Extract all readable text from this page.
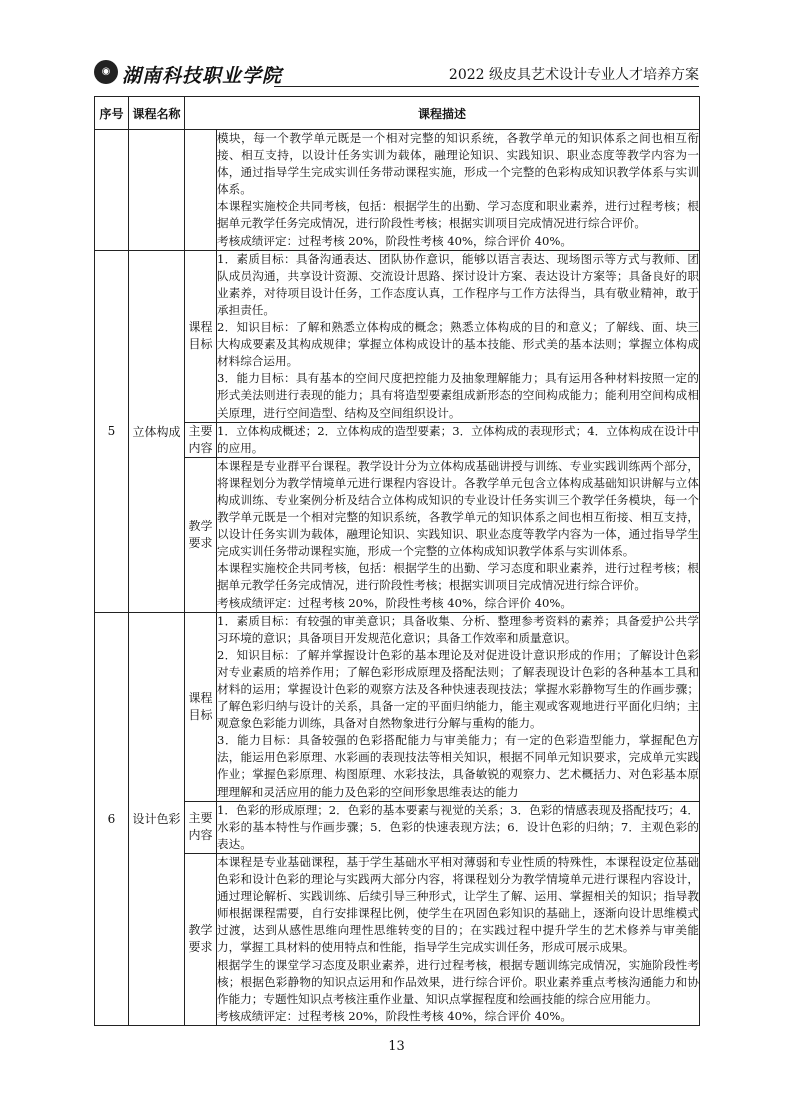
◉ 湖南科技职业学院	2022 级皮具艺术设计专业人才培养方案
序号	课程名称	课程描述	

			模块，每一个教学单元既是一个相对完整的知识系统，各教学单元的知识体系之间也相互衔接、相互支持，以设计任务实训为载体，融理论知识、实践知识、职业态度等教学内容为一体，通过指导学生完成实训任务带动课程实施，形成一个完整的色彩构成知识教学体系与实训体系。

本课程实施校企共同考核，包括：根据学生的出勤、学习态度和职业素养，进行过程考核；根据单元教学任务完成情况，进行阶段性考核；根据实训项目完成情况进行综合评价。

考核成绩评定：过程考核 20%，阶段性考核 40%，综合评价 40%。

5	立体构成	课程目标	1．素质目标：具备沟通表达、团队协作意识，能够以语言表达、现场图示等方式与教师、团队成员沟通，共享设计资源、交流设计思路、探讨设计方案、表达设计方案等；具备良好的职业素养，对待项目设计任务，工作态度认真，工作程序与工作方法得当，具有敬业精神，敢于承担责任。

2．知识目标：了解和熟悉立体构成的概念；熟悉立体构成的目的和意义；了解线、面、块三大构成要素及其构成规律；掌握立体构成设计的基本技能、形式美的基本法则；掌握立体构成材料综合运用。

3．能力目标：具有基本的空间尺度把控能力及抽象理解能力；具有运用各种材料按照一定的形式美法则进行表现的能力；具有将造型要素组成新形态的空间构成能力；能利用空间构成相关原理，进行空间造型、结构及空间组织设计。

		主要内容	1．立体构成概述；2．立体构成的造型要素；3．立体构成的表现形式；4．立体构成在设计中的应用。

		教学要求	本课程是专业群平台课程。教学设计分为立体构成基础讲授与训练、专业实践训练两个部分，将课程划分为教学情境单元进行课程内容设计。各教学单元包含立体构成基础知识讲解与立体构成训练、专业案例分析及结合立体构成知识的专业设计任务实训三个教学任务模块，每一个教学单元既是一个相对完整的知识系统，各教学单元的知识体系之间也相互衔接、相互支持，以设计任务实训为载体，融理论知识、实践知识、职业态度等教学内容为一体，通过指导学生完成实训任务带动课程实施，形成一个完整的立体构成知识教学体系与实训体系。

本课程实施校企共同考核，包括：根据学生的出勤、学习态度和职业素养，进行过程考核；根据单元教学任务完成情况，进行阶段性考核；根据实训项目完成情况进行综合评价。

考核成绩评定：过程考核 20%，阶段性考核 40%，综合评价 40%。

6	设计色彩	课程目标	1．素质目标：有较强的审美意识；具备收集、分析、整理参考资料的素养；具备爱护公共学习环境的意识；具备项目开发规范化意识；具备工作效率和质量意识。

2．知识目标：了解并掌握设计色彩的基本理论及对促进设计意识形成的作用；了解设计色彩对专业素质的培养作用；了解色彩形成原理及搭配法则；了解表现设计色彩的各种基本工具和材料的运用；掌握设计色彩的观察方法及各种快速表现技法；掌握水彩静物写生的作画步骤；了解色彩归纳与设计的关系，具备一定的平面归纳能力，能主观或客观地进行平面化归纳；主观意象色彩能力训练，具备对自然物象进行分解与重构的能力。

3．能力目标：具备较强的色彩搭配能力与审美能力；有一定的色彩造型能力，掌握配色方法，能运用色彩原理、水彩画的表现技法等相关知识，根据不同单元知识要求，完成单元实践作业；掌握色彩原理、构图原理、水彩技法，具备敏锐的观察力、艺术概括力、对色彩基本原理理解和灵活应用的能力及色彩的空间形象思维表达的能力

		主要内容	1．色彩的形成原理；2．色彩的基本要素与视觉的关系；3．色彩的情感表现及搭配技巧；4．水彩的基本特性与作画步骤；5．色彩的快速表现方法；6．设计色彩的归纳；7．主观色彩的表达。

		教学要求	本课程是专业基础课程，基于学生基础水平相对薄弱和专业性质的特殊性，本课程设定位基础色彩和设计色彩的理论与实践两大部分内容，将课程划分为教学情境单元进行课程内容设计，通过理论解析、实践训练、后续引导三种形式，让学生了解、运用、掌握相关的知识；指导教师根据课程需要，自行安排课程比例，使学生在巩固色彩知识的基础上，逐渐向设计思维模式过渡，达到从感性思维向理性思维转变的目的；在实践过程中提升学生的艺术修养与审美能力，掌握工具材料的使用特点和性能，指导学生完成实训任务，形成可展示成果。

根据学生的课堂学习态度及职业素养，进行过程考核，根据专题训练完成情况，实施阶段性考核；根据色彩静物的知识点运用和作品效果，进行综合评价。职业素养重点考核沟通能力和协作能力；专题性知识点考核注重作业量、知识点掌握程度和绘画技能的综合应用能力。

考核成绩评定：过程考核 20%，阶段性考核 40%，综合评价 40%。

13
